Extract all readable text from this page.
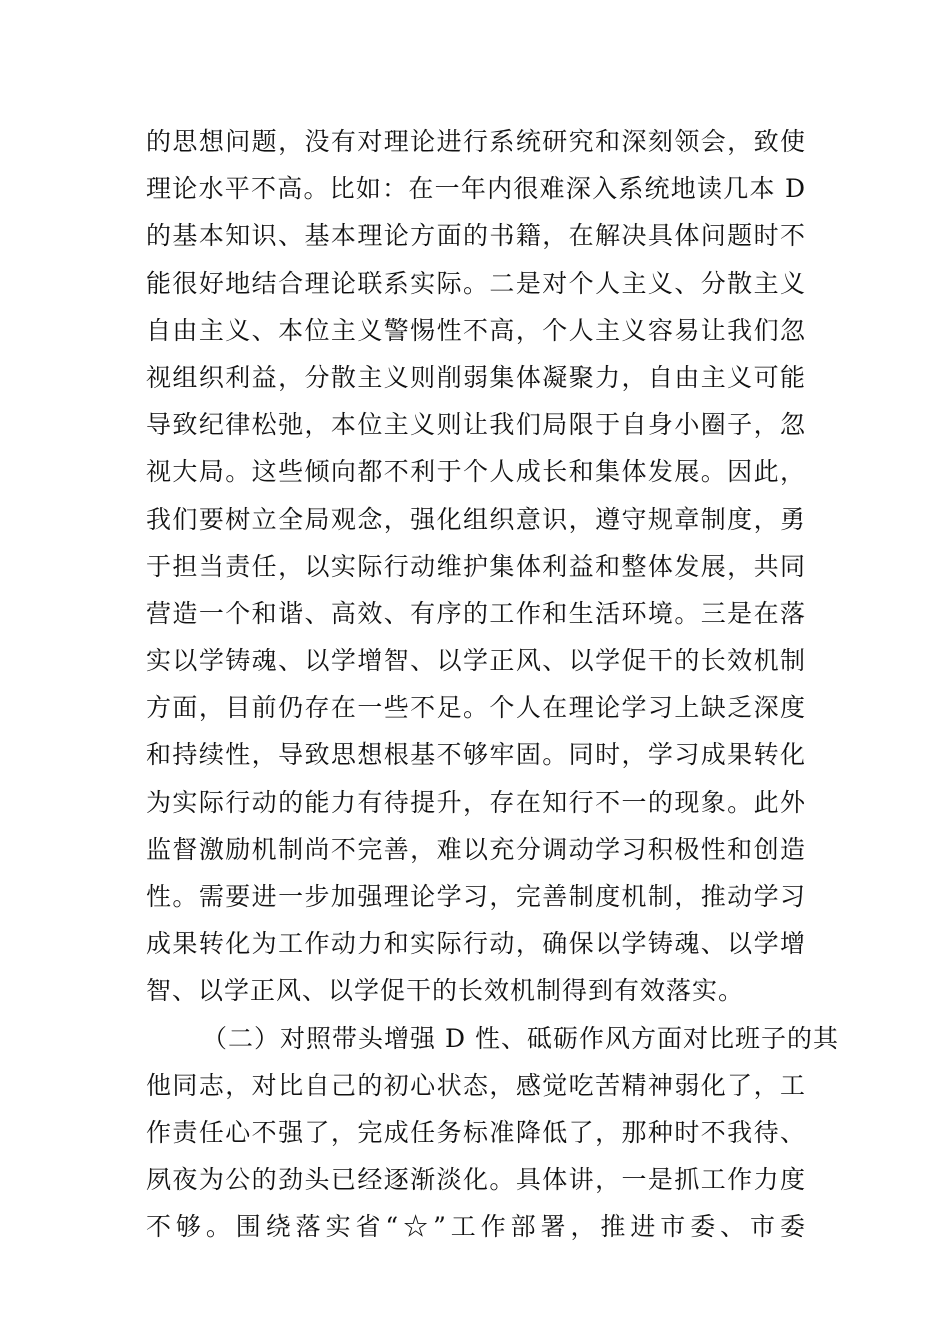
的思想问题，没有对理论进行系统研究和深刻领会，致使
理论水平不高。比如：在一年内很难深入系统地读几本 D
的基本知识、基本理论方面的书籍，在解决具体问题时不
能很好地结合理论联系实际。二是对个人主义、分散主义
自由主义、本位主义警惕性不高，个人主义容易让我们忽
视组织利益，分散主义则削弱集体凝聚力，自由主义可能
导致纪律松弛，本位主义则让我们局限于自身小圈子，忽
视大局。这些倾向都不利于个人成长和集体发展。因此，
我们要树立全局观念，强化组织意识，遵守规章制度，勇
于担当责任，以实际行动维护集体利益和整体发展，共同
营造一个和谐、高效、有序的工作和生活环境。三是在落
实以学铸魂、以学增智、以学正风、以学促干的长效机制
方面，目前仍存在一些不足。个人在理论学习上缺乏深度
和持续性，导致思想根基不够牢固。同时，学习成果转化
为实际行动的能力有待提升，存在知行不一的现象。此外
监督激励机制尚不完善，难以充分调动学习积极性和创造
性。需要进一步加强理论学习，完善制度机制，推动学习
成果转化为工作动力和实际行动，确保以学铸魂、以学增
智、以学正风、以学促干的长效机制得到有效落实。
（二）对照带头增强 D 性、砥砺作风方面对比班子的其
他同志，对比自己的初心状态，感觉吃苦精神弱化了，工
作责任心不强了，完成任务标准降低了，那种时不我待、
夙夜为公的劲头已经逐渐淡化。具体讲，一是抓工作力度
不够。围绕落实省“☆”工作部署，推进市委、市委
